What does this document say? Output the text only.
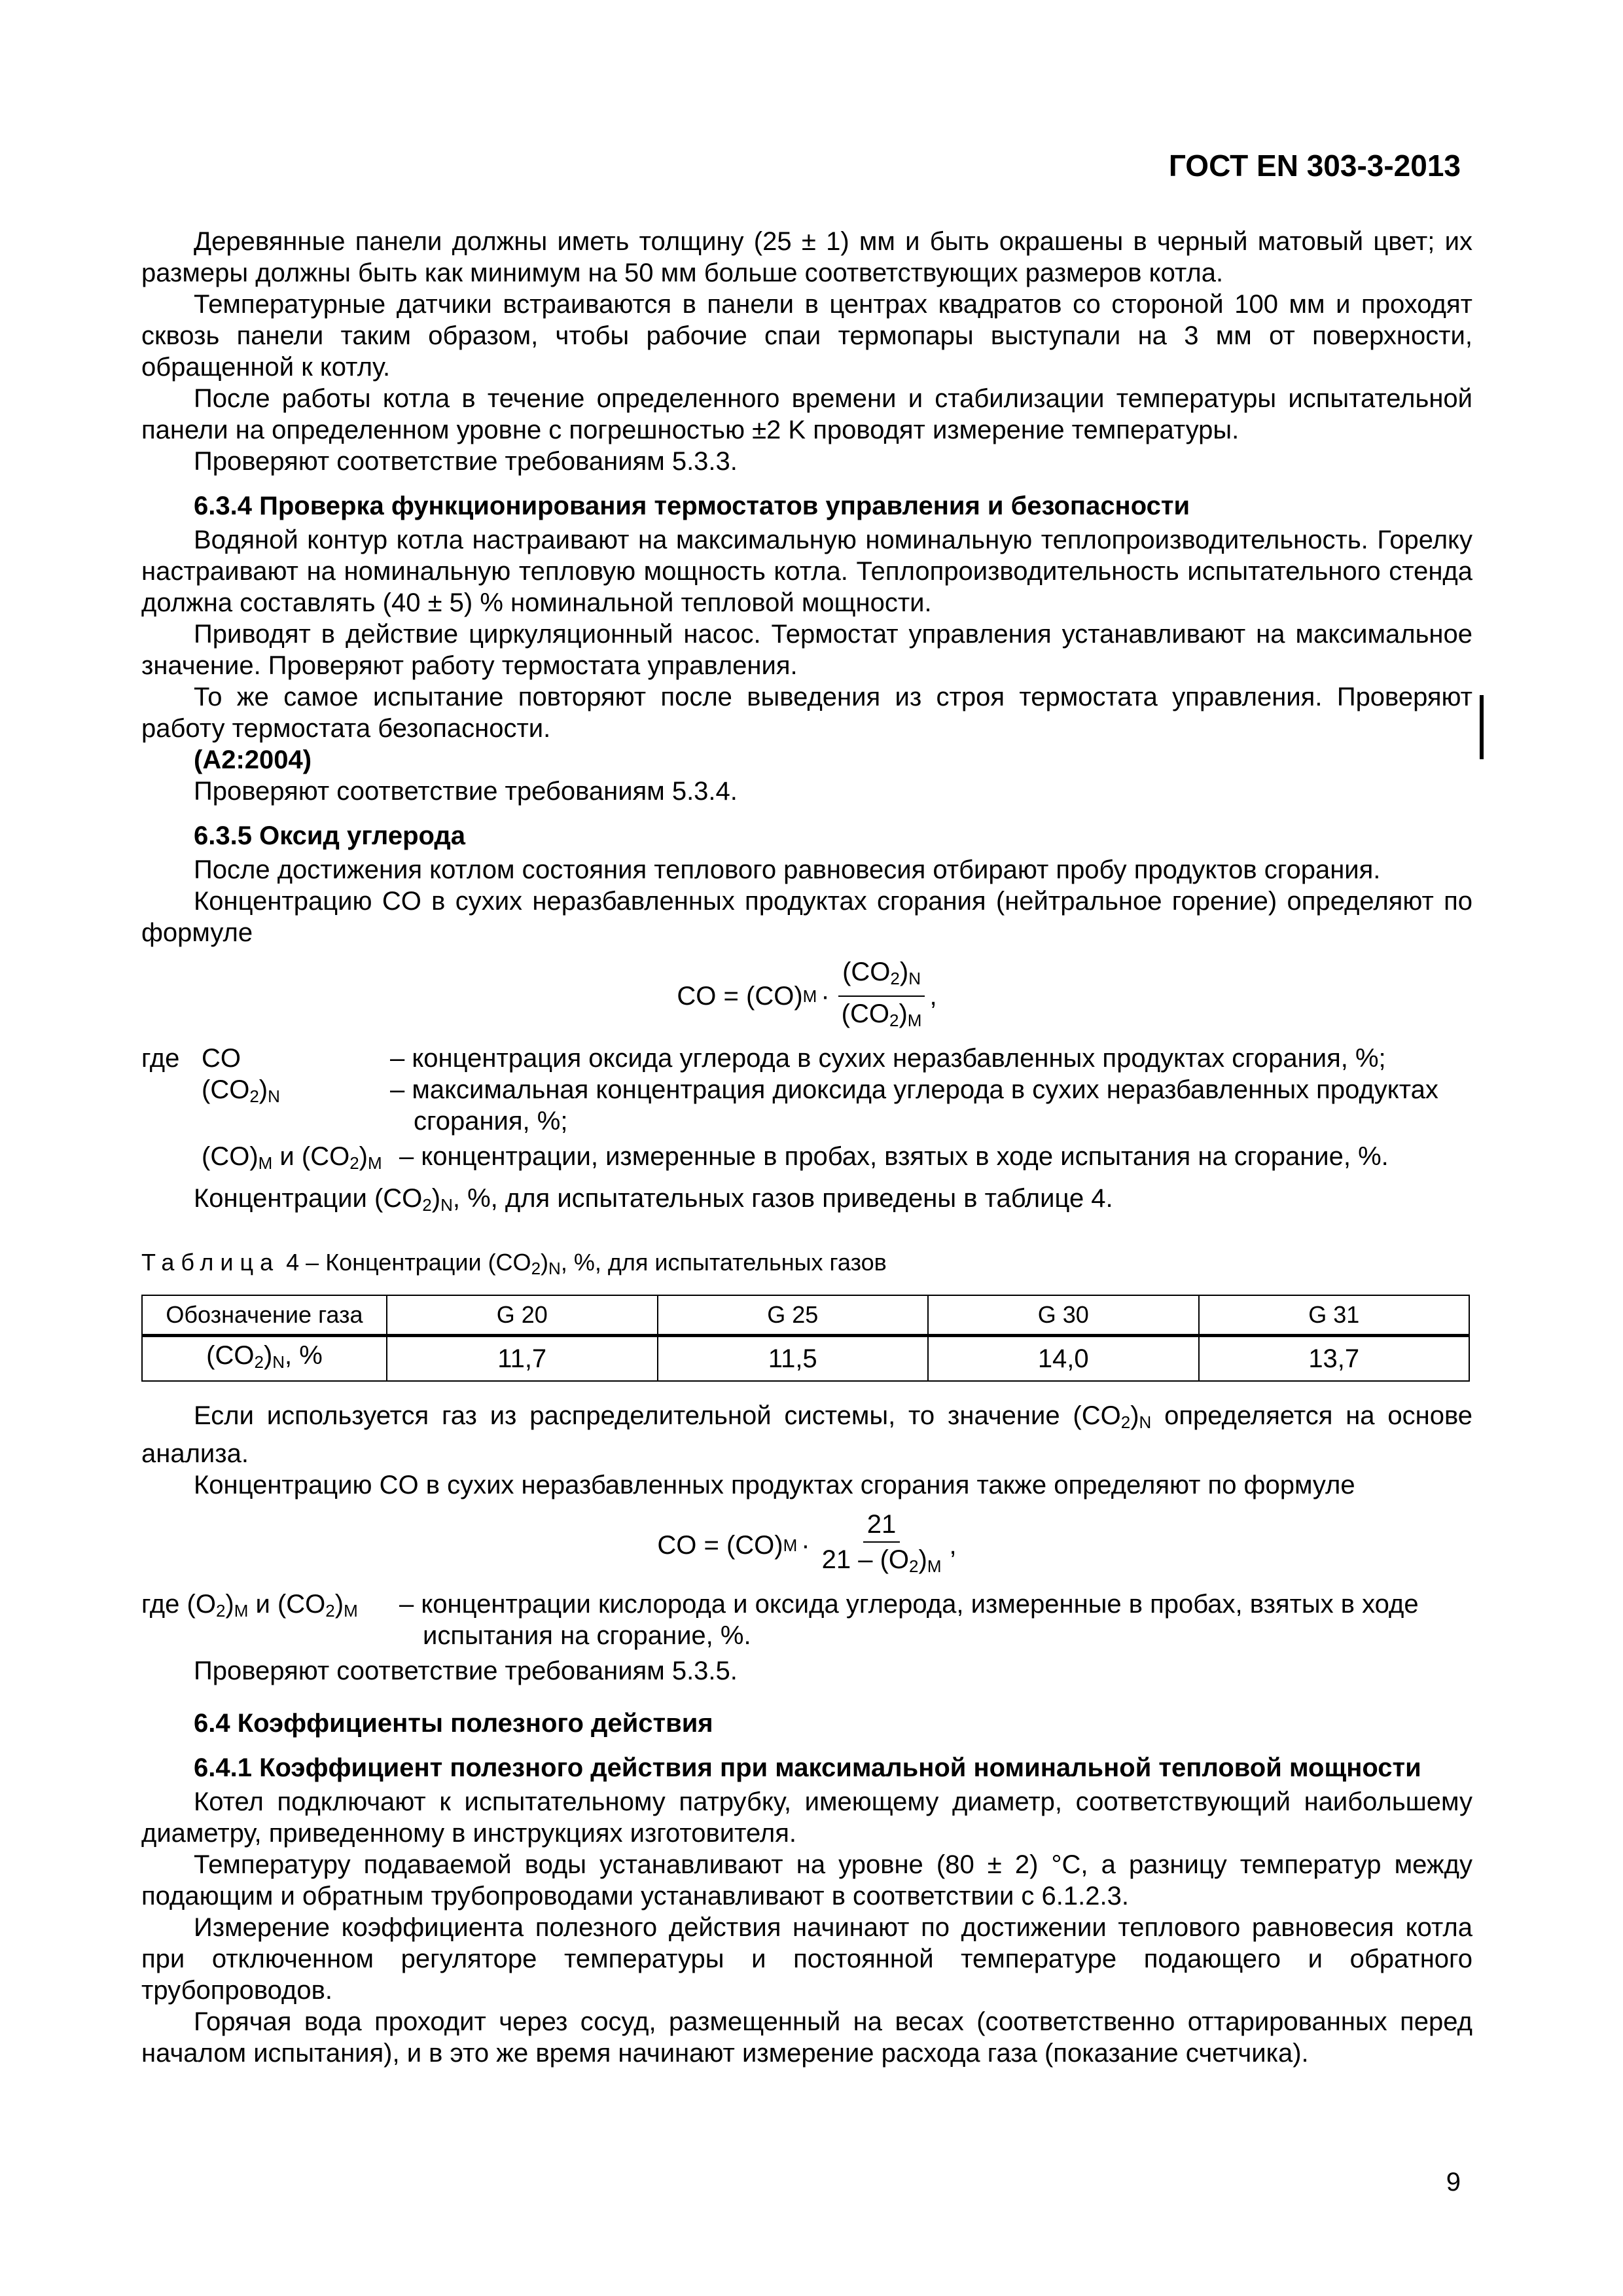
ГОСТ EN 303-3-2013

Деревянные панели должны иметь толщину (25 ± 1) мм и быть окрашены в черный матовый цвет; их размеры должны быть как минимум на 50 мм больше соответствующих размеров котла.

Температурные датчики встраиваются в панели в центрах квадратов со стороной 100 мм и проходят сквозь панели таким образом, чтобы рабочие спаи термопары выступали на 3 мм от поверхности, обращенной к котлу.

После работы котла в течение определенного времени и стабилизации температуры испытательной панели на определенном уровне с погрешностью ±2 K проводят измерение температуры.

Проверяют соответствие требованиям 5.3.3.

6.3.4 Проверка функционирования термостатов управления и безопасности

Водяной контур котла настраивают на максимальную номинальную теплопроизводительность. Горелку настраивают на номинальную тепловую мощность котла. Теплопроизводительность испытательного стенда должна составлять (40 ± 5) % номинальной тепловой мощности.

Приводят в действие циркуляционный насос. Термостат управления устанавливают на максимальное значение. Проверяют работу термостата управления.

То же самое испытание повторяют после выведения из строя термостата управления. Проверяют работу термостата безопасности.

(А2:2004)

Проверяют соответствие требованиям 5.3.4.

6.3.5 Оксид углерода

После достижения котлом состояния теплового равновесия отбирают пробу продуктов сгорания.

Концентрацию CO в сухих неразбавленных продуктах сгорания (нейтральное горение) определяют по формуле

CO = (CO) $M \cdot \frac{(CO_2)_N}{(CO_2)_M}$ ,
где CO	– концентрация оксида углерода в сухих неразбавленных продуктах сгорания, %;
$(CO_2)_N$	– максимальная концентрация диоксида углерода в сухих неразбавленных продуктах сгорания, %;
$(CO)_M$ и $(CO_2)_M$ – концентрации, измеренные в пробах, взятых в ходе испытания на сгорание, %.

Концентрации $(CO_2)_N$, %, для испытательных газов приведены в таблице 4.

Таблица 4 – Концентрации $(CO_2)_N$, %, для испытательных газов
Обозначение газа	G 20	G 25	G 30	G 31
$(CO_2)_N$, %	11,7	11,5	14,0	13,7

Если используется газ из распределительной системы, то значение $(CO_2)_N$ определяется на основе анализа.

Концентрацию CO в сухих неразбавленных продуктах сгорания также определяют по формуле

CO = (CO) $M \cdot \frac{21}{21 - (O_2)_M}$ ,
где $(O_2)_M$ и $(CO_2)_M$	– концентрации кислорода и оксида углерода, измеренные в пробах, взятых в ходе испытания на сгорание, %.

Проверяют соответствие требованиям 5.3.5.

6.4 Коэффициенты полезного действия
6.4.1 Коэффициент полезного действия при максимальной номинальной тепловой мощности

Котел подключают к испытательному патрубку, имеющему диаметр, соответствующий наибольшему диаметру, приведенному в инструкциях изготовителя.

Температуру подаваемой воды устанавливают на уровне (80 ± 2) °C, а разницу температур между подающим и обратным трубопроводами устанавливают в соответствии с 6.1.2.3.

Измерение коэффициента полезного действия начинают по достижении теплового равновесия котла при отключенном регуляторе температуры и постоянной температуре подающего и обратного трубопроводов.

Горячая вода проходит через сосуд, размещенный на весах (соответственно оттарированных перед началом испытания), и в это же время начинают измерение расхода газа (показание счетчика).

9
